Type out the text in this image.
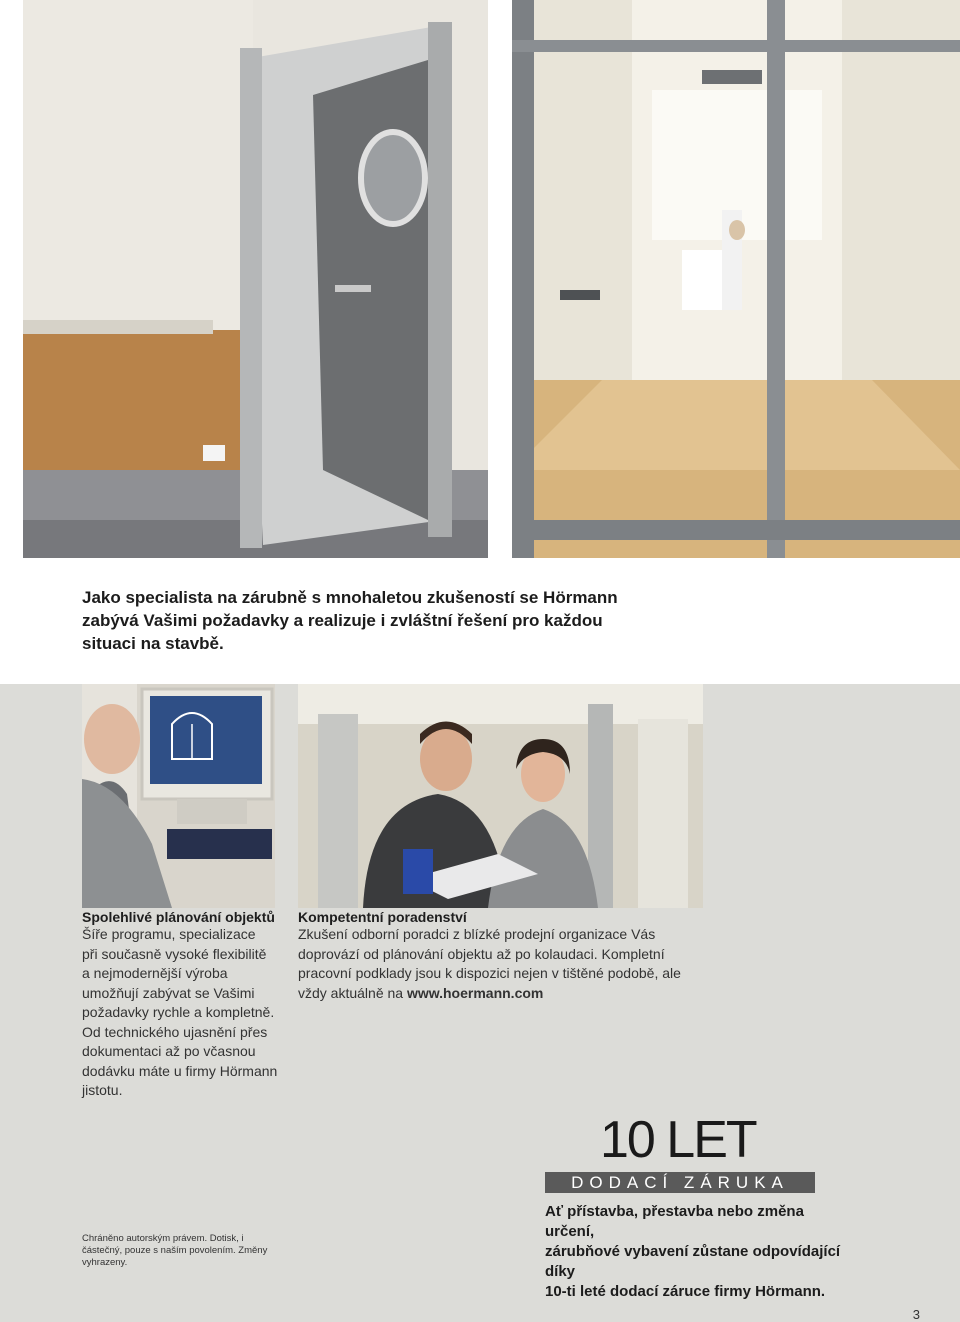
Jako specialista na zárubně s mnohaletou zkušeností se Hörmann
zabývá Vašimi požadavky a realizuje i zvláštní řešení pro každou
situaci na stavbě.
Spolehlivé plánování objektů
Šíře programu, specializace
při současně vysoké flexibilitě
a nejmodernější výroba
umožňují zabývat se Vašimi
požadavky rychle a kompletně.
Od technického ujasnění přes
dokumentaci až po včasnou
dodávku máte u firmy Hörmann
jistotu.
Kompetentní poradenství
Zkušení odborní poradci z blízké prodejní organizace Vás
doprovází od plánování objektu až po kolaudaci. Kompletní
pracovní podklady jsou k dispozici nejen v tištěné podobě, ale
vždy aktuálně na www.hoermann.com
Chráněno autorským právem. Dotisk, i
částečný, pouze s naším povolením. Změny
vyhrazeny.
10 LET
DODACÍ ZÁRUKA
Ať přístavba, přestavba nebo změna určení,
zárubňové vybavení zůstane odpovídající díky
10-ti leté dodací záruce firmy Hörmann.
3
